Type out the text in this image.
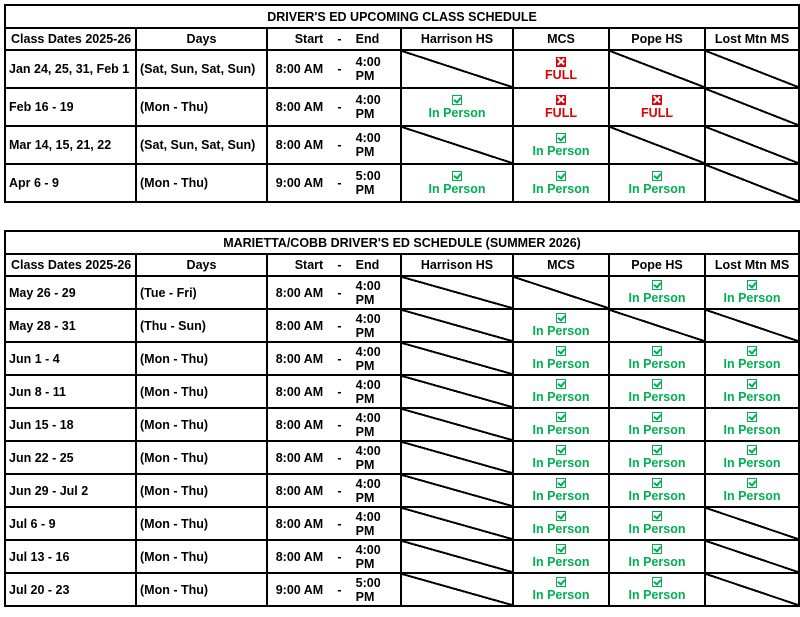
DRIVER'S ED UPCOMING CLASS SCHEDULE						
Class Dates 2025-26	Days	Start - End	Harrison HS	MCS	Pope HS	Lost Mtn MS
Jan 24, 25, 31, Feb 1	(Sat, Sun, Sat, Sun)	8:00 AM - 4:00 PM		FULL		

Feb 16 - 19	(Mon - Thu)	8:00 AM - 4:00 PM	In Person	FULL	FULL	

Mar 14, 15, 21, 22	(Sat, Sun, Sat, Sun)	8:00 AM - 4:00 PM		In Person		

Apr 6 - 9	(Mon - Thu)	9:00 AM - 5:00 PM	In Person	In Person	In Person	

MARIETTA/COBB DRIVER'S ED SCHEDULE (SUMMER 2026)						
Class Dates 2025-26	Days	Start - End	Harrison HS	MCS	Pope HS	Lost Mtn MS
May 26 - 29	(Tue - Fri)	8:00 AM - 4:00 PM			In Person	In Person

May 28 - 31	(Thu - Sun)	8:00 AM - 4:00 PM		In Person		

Jun 1 - 4	(Mon - Thu)	8:00 AM - 4:00 PM		In Person	In Person	In Person

Jun 8 - 11	(Mon - Thu)	8:00 AM - 4:00 PM		In Person	In Person	In Person

Jun 15 - 18	(Mon - Thu)	8:00 AM - 4:00 PM		In Person	In Person	In Person

Jun 22 - 25	(Mon - Thu)	8:00 AM - 4:00 PM		In Person	In Person	In Person

Jun 29 - Jul 2	(Mon - Thu)	8:00 AM - 4:00 PM		In Person	In Person	In Person

Jul 6 - 9	(Mon - Thu)	8:00 AM - 4:00 PM		In Person	In Person	

Jul 13 - 16	(Mon - Thu)	8:00 AM - 4:00 PM		In Person	In Person	

Jul 20 - 23	(Mon - Thu)	9:00 AM - 5:00 PM		In Person	In Person	
